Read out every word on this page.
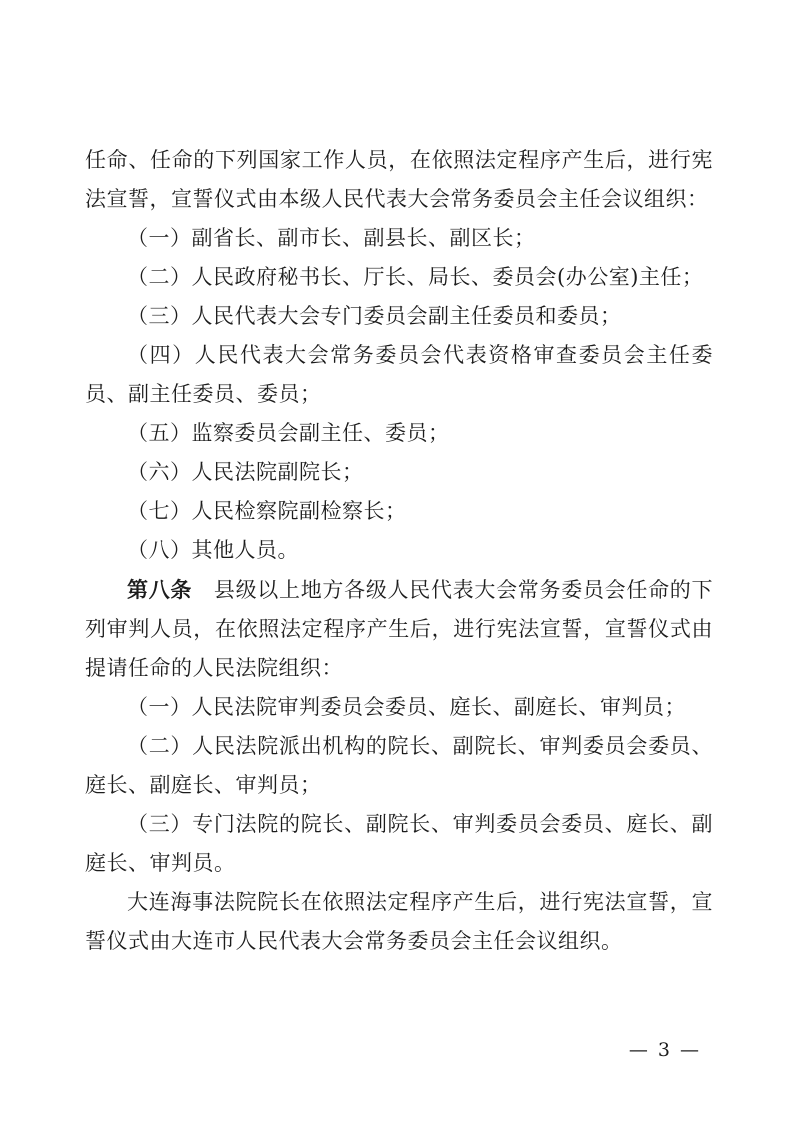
任命、任命的下列国家工作人员，在依照法定程序产生后，进行宪法宣誓，宣誓仪式由本级人民代表大会常务委员会主任会议组织：

（一）副省长、副市长、副县长、副区长；

（二）人民政府秘书长、厅长、局长、委员会(办公室)主任；

（三）人民代表大会专门委员会副主任委员和委员；

（四）人民代表大会常务委员会代表资格审查委员会主任委员、副主任委员、委员；

（五）监察委员会副主任、委员；

（六）人民法院副院长；

（七）人民检察院副检察长；

（八）其他人员。

第八条　县级以上地方各级人民代表大会常务委员会任命的下列审判人员，在依照法定程序产生后，进行宪法宣誓，宣誓仪式由提请任命的人民法院组织：

（一）人民法院审判委员会委员、庭长、副庭长、审判员；

（二）人民法院派出机构的院长、副院长、审判委员会委员、庭长、副庭长、审判员；

（三）专门法院的院长、副院长、审判委员会委员、庭长、副庭长、审判员。

大连海事法院院长在依照法定程序产生后，进行宪法宣誓，宣誓仪式由大连市人民代表大会常务委员会主任会议组织。

— 3 —
